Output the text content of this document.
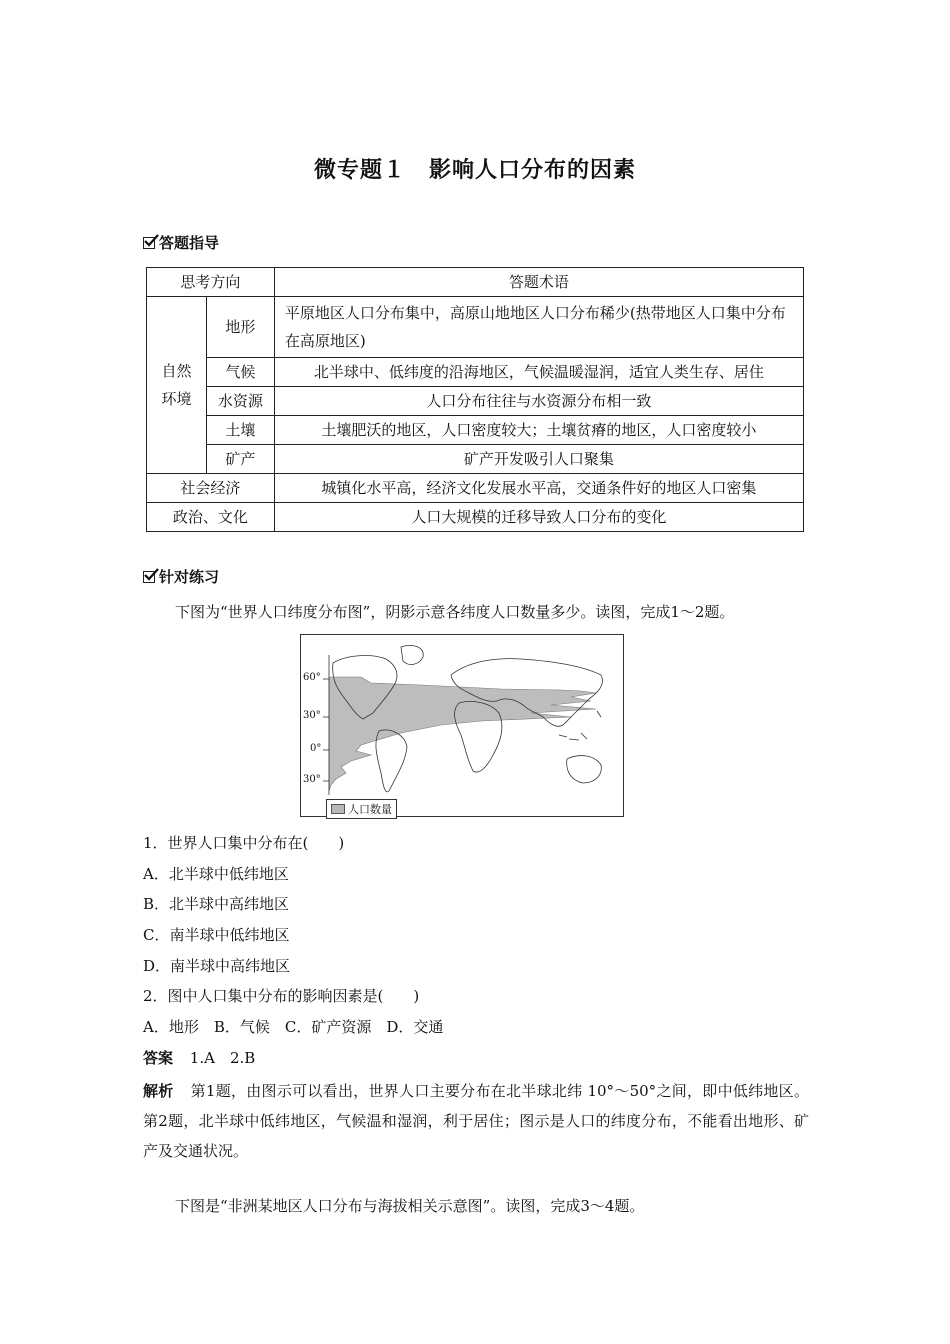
微专题１　影响人口分布的因素
答题指导
思考方向		答题术语
自然
环境	地形	平原地区人口分布集中，高原山地地区人口分布稀少(热带地区人口集中分布在高原地区)
	气候	北半球中、低纬度的沿海地区，气候温暖湿润，适宜人类生存、居住
	水资源	人口分布往往与水资源分布相一致
	土壤	土壤肥沃的地区，人口密度较大；土壤贫瘠的地区，人口密度较小
	矿产	矿产开发吸引人口聚集
社会经济		城镇化水平高，经济文化发展水平高，交通条件好的地区人口密集
政治、文化		人口大规模的迁移导致人口分布的变化
针对练习
下图为“世界人口纬度分布图”，阴影示意各纬度人口数量多少。读图，完成1～2题。
60°
30°
0°
30°
人口数量
1．世界人口集中分布在(　　)
A．北半球中低纬地区
B．北半球中高纬地区
C．南半球中低纬地区
D．南半球中高纬地区
2．图中人口集中分布的影响因素是(　　)
A．地形　B．气候　C．矿产资源　D．交通
答案 1.A　2.B
解析 第1题，由图示可以看出，世界人口主要分布在北半球北纬 10°～50°之间，即中低纬地区。第2题，北半球中低纬地区，气候温和湿润，利于居住；图示是人口的纬度分布，不能看出地形、矿产及交通状况。
下图是“非洲某地区人口分布与海拔相关示意图”。读图，完成3～4题。
